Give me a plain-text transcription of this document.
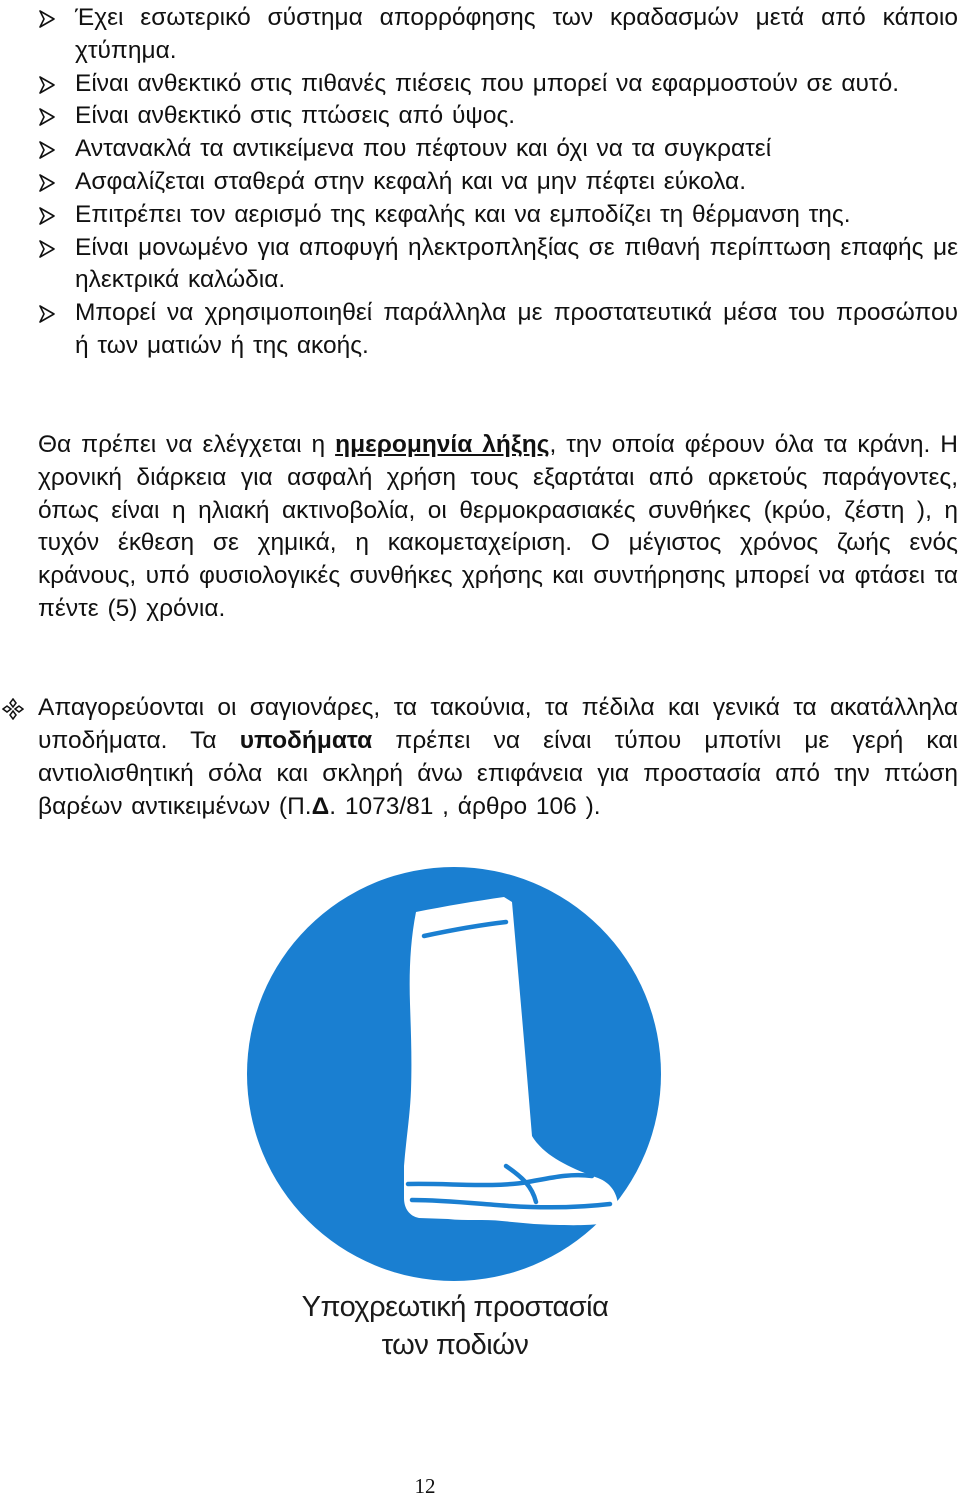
Έχει εσωτερικό σύστημα απορρόφησης των κραδασμών μετά από κάποιο χτύπημα.
Είναι ανθεκτικό στις πιθανές πιέσεις που μπορεί να εφαρμοστούν σε αυτό.
Είναι ανθεκτικό στις πτώσεις από ύψος.
Αντανακλά τα αντικείμενα που πέφτουν και όχι να τα συγκρατεί
Ασφαλίζεται σταθερά στην κεφαλή και να μην πέφτει εύκολα.
Επιτρέπει τον αερισμό της κεφαλής και να εμποδίζει τη θέρμανση της.
Είναι μονωμένο για αποφυγή ηλεκτροπληξίας σε πιθανή περίπτωση επαφής με ηλεκτρικά καλώδια.
Μπορεί να χρησιμοποιηθεί παράλληλα με προστατευτικά μέσα του προσώπου ή των ματιών ή της ακοής.

Θα πρέπει να ελέγχεται η ημερομηνία λήξης, την οποία φέρουν όλα τα κράνη. Η χρονική διάρκεια για ασφαλή χρήση τους εξαρτάται από αρκετούς παράγοντες, όπως είναι η ηλιακή ακτινοβολία, οι θερμοκρασιακές συνθήκες (κρύο, ζέστη ), η τυχόν έκθεση σε χημικά, η κακομεταχείριση. Ο μέγιστος χρόνος ζωής ενός κράνους, υπό φυσιολογικές συνθήκες χρήσης και συντήρησης μπορεί να φτάσει τα πέντε (5) χρόνια.

Απαγορεύονται οι σαγιονάρες, τα τακούνια, τα πέδιλα και γενικά τα ακατάλληλα υποδήματα. Τα υποδήματα πρέπει να είναι τύπου μποτίνι με γερή και αντιολισθητική σόλα και σκληρή άνω επιφάνεια για προστασία από την πτώση βαρέων αντικειμένων (Π.Δ. 1073/81 , άρθρο 106 ).

Υποχρεωτική προστασία
των ποδιών
12
